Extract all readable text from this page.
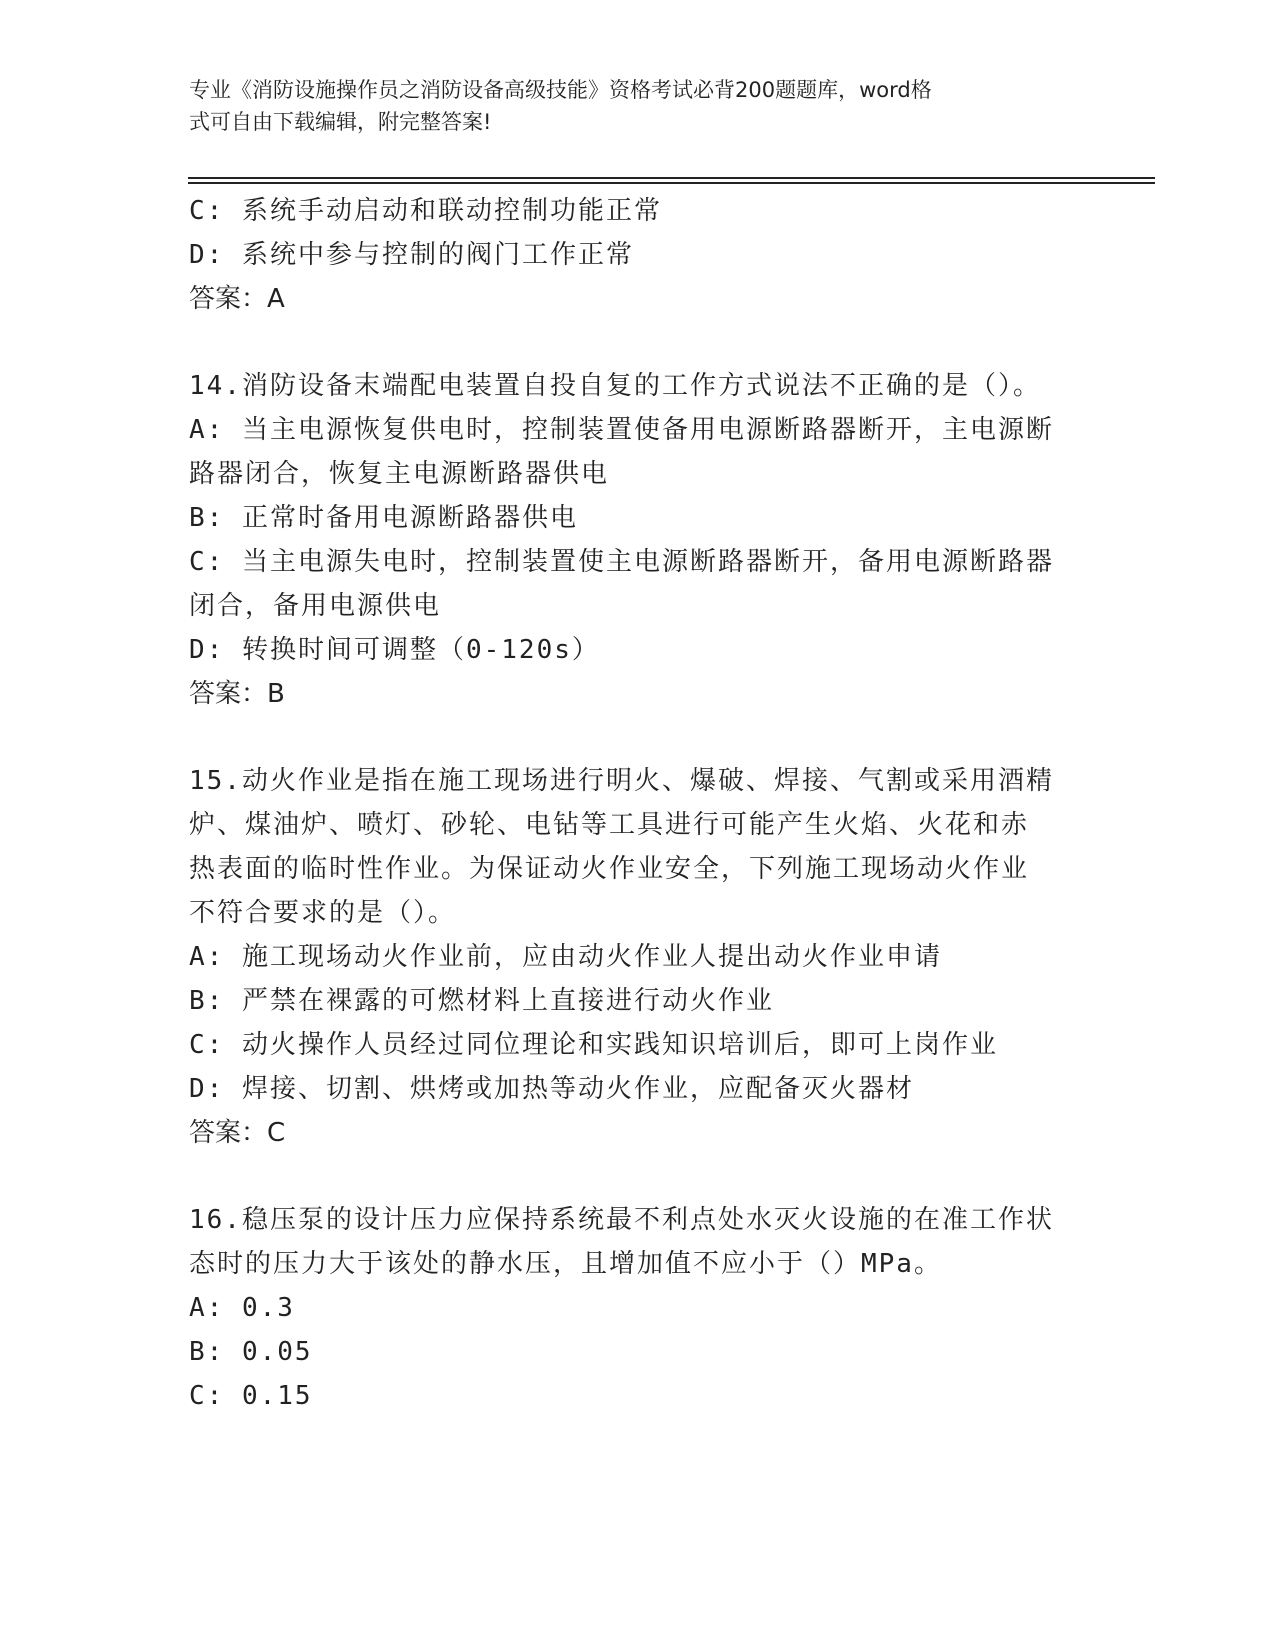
专业《消防设施操作员之消防设备高级技能》资格考试必背200题题库，word格
式可自由下载编辑，附完整答案!
C: 系统手动启动和联动控制功能正常
D: 系统中参与控制的阀门工作正常
答案：A
14.消防设备末端配电装置自投自复的工作方式说法不正确的是（）。
A: 当主电源恢复供电时，控制装置使备用电源断路器断开，主电源断
路器闭合，恢复主电源断路器供电
B: 正常时备用电源断路器供电
C: 当主电源失电时，控制装置使主电源断路器断开，备用电源断路器
闭合，备用电源供电
D: 转换时间可调整（0-120s）
答案：B
15.动火作业是指在施工现场进行明火、爆破、焊接、气割或采用酒精
炉、煤油炉、喷灯、砂轮、电钻等工具进行可能产生火焰、火花和赤
热表面的临时性作业。为保证动火作业安全，下列施工现场动火作业
不符合要求的是（）。
A: 施工现场动火作业前，应由动火作业人提出动火作业申请
B: 严禁在裸露的可燃材料上直接进行动火作业
C: 动火操作人员经过同位理论和实践知识培训后，即可上岗作业
D: 焊接、切割、烘烤或加热等动火作业，应配备灭火器材
答案：C
16.稳压泵的设计压力应保持系统最不利点处水灭火设施的在准工作状
态时的压力大于该处的静水压，且增加值不应小于（）MPa。
A: 0.3
B: 0.05
C: 0.15
